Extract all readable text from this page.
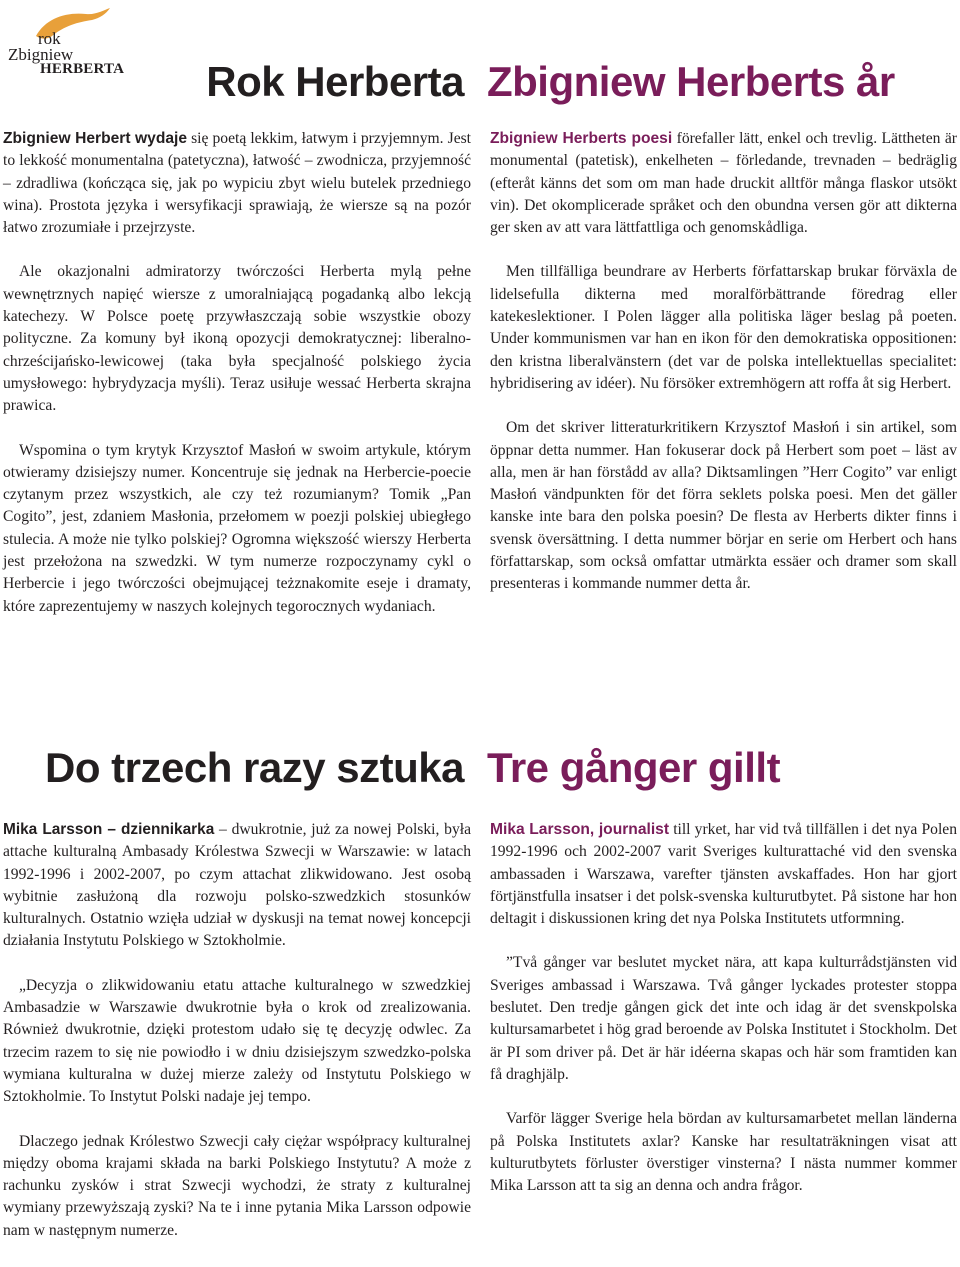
rok
Zbigniew
HERBERTA Rok Herberta Zbigniew Herberts år

Zbigniew Herbert wydaje się poetą lekkim, łatwym i przyjemnym. Jest to lekkość monumentalna (patetyczna), łatwość – zwodnicza, przyjemność – zdradliwa (kończąca się, jak po wypiciu zbyt wielu butelek przedniego wina). Prostota języka i wersyfikacji sprawiają, że wiersze są na pozór łatwo zrozumiałe i przejrzyste.

Ale okazjonalni admiratorzy twórczości Herberta mylą pełne wewnętrznych napięć wiersze z umoralniającą pogadanką albo lekcją katechezy. W Polsce poetę przywłaszczają sobie wszystkie obozy polityczne. Za komuny był ikoną opozycji demokratycznej: liberalno-chrześcijańsko-lewicowej (taka była specjalność polskiego życia umysłowego: hybrydyzacja myśli). Teraz usiłuje wessać Herberta skrajna prawica.

Wspomina o tym krytyk Krzysztof Masłoń w swoim artykule, którym otwieramy dzisiejszy numer. Koncentruje się jednak na Herbercie-poecie czytanym przez wszystkich, ale czy też rozumianym? Tomik „Pan Cogito”, jest, zdaniem Masłonia, przełomem w poezji polskiej ubiegłego stulecia. A może nie tylko polskiej? Ogromna większość wierszy Herberta jest przełożona na szwedzki. W tym numerze rozpoczynamy cykl o Herbercie i jego twórczości obejmującej teżznakomite eseje i dramaty, które zaprezentujemy w naszych kolejnych tegorocznych wydaniach.

Zbigniew Herberts poesi förefaller lätt, enkel och trevlig. Lättheten är monumental (patetisk), enkelheten – förledande, trevnaden – bedräglig (efteråt känns det som om man hade druckit alltför många flaskor utsökt vin). Det okomplicerade språket och den obundna versen gör att dikterna ger sken av att vara lättfattliga och genomskådliga.

Men tillfälliga beundrare av Herberts författarskap brukar förväxla de lidelsefulla dikterna med moralförbättrande föredrag eller katekeslektioner. I Polen lägger alla politiska läger beslag på poeten. Under kommunismen var han en ikon för den demokratiska oppositionen: den kristna liberalvänstern (det var de polska intellektuellas specialitet: hybridisering av idéer). Nu försöker extremhögern att roffa åt sig Herbert.

Om det skriver litteraturkritikern Krzysztof Masłoń i sin artikel, som öppnar detta nummer. Han fokuserar dock på Herbert som poet – läst av alla, men är han förstådd av alla? Diktsamlingen ”Herr Cogito” var enligt Masłoń vändpunkten för det förra seklets polska poesi. Men det gäller kanske inte bara den polska poesin? De flesta av Herberts dikter finns i svensk översättning. I detta nummer börjar en serie om Herbert och hans författarskap, som också omfattar utmärkta essäer och dramer som skall presenteras i kommande nummer detta år.

Do trzech razy sztuka Tre gånger gillt

Mika Larsson – dziennikarka – dwukrotnie, już za nowej Polski, była attache kulturalną Ambasady Królestwa Szwecji w Warszawie: w latach 1992-1996 i 2002-2007, po czym attachat zlikwidowano. Jest osobą wybitnie zasłużoną dla rozwoju polsko-szwedzkich stosunków kulturalnych. Ostatnio wzięła udział w dyskusji na temat nowej koncepcji działania Instytutu Polskiego w Sztokholmie.

„Decyzja o zlikwidowaniu etatu attache kulturalnego w szwedzkiej Ambasadzie w Warszawie dwukrotnie była o krok od zrealizowania. Również dwukrotnie, dzięki protestom udało się tę decyzję odwlec. Za trzecim razem to się nie powiodło i w dniu dzisiejszym szwedzko-polska wymiana kulturalna w dużej mierze zależy od Instytutu Polskiego w Sztokholmie. To Instytut Polski nadaje jej tempo.

Dlaczego jednak Królestwo Szwecji cały ciężar współpracy kulturalnej między oboma krajami składa na barki Polskiego Instytutu? A może z rachunku zysków i strat Szwecji wychodzi, że straty z kulturalnej wymiany przewyższają zyski? Na te i inne pytania Mika Larsson odpowie nam w następnym numerze.

Mika Larsson, journalist till yrket, har vid två tillfällen i det nya Polen 1992-1996 och 2002-2007 varit Sveriges kulturattaché vid den svenska ambassaden i Warszawa, varefter tjänsten avskaffades. Hon har gjort förtjänstfulla insatser i det polsk-svenska kulturutbytet. På sistone har hon deltagit i diskussionen kring det nya Polska Institutets utformning.

”Två gånger var beslutet mycket nära, att kapa kulturrådstjänsten vid Sveriges ambassad i Warszawa. Två gånger lyckades protester stoppa beslutet. Den tredje gången gick det inte och idag är det svenskpolska kultursamarbetet i hög grad beroende av Polska Institutet i Stockholm. Det är PI som driver på. Det är här idéerna skapas och här som framtiden kan få draghjälp.

Varför lägger Sverige hela bördan av kultursamarbetet mellan länderna på Polska Institutets axlar? Kanske har resultaträkningen visat att kulturutbytets förluster överstiger vinsterna? I nästa nummer kommer Mika Larsson att ta sig an denna och andra frågor.
